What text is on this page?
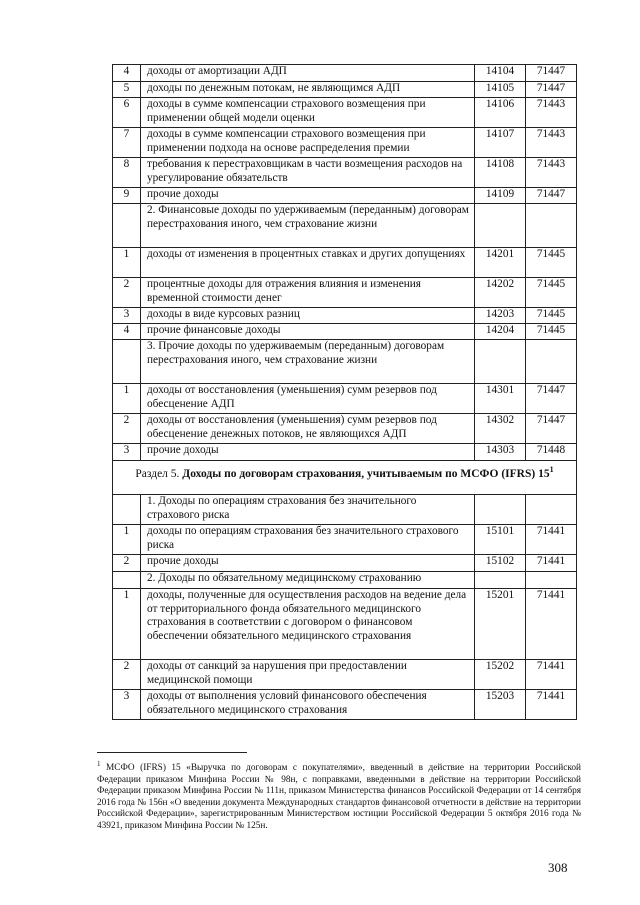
4	доходы от амортизации АДП	14104	71447
5	доходы по денежным потокам, не являющимся АДП	14105	71447
6	доходы в сумме компенсации страхового возмещения при применении общей модели оценки	14106	71443
7	доходы в сумме компенсации страхового возмещения при применении подхода на основе распределения премии	14107	71443
8	требования к перестраховщикам в части возмещения расходов на урегулирование обязательств	14108	71443
9	прочие доходы	14109	71447
	2. Финансовые доходы по удерживаемым (переданным) договорам перестрахования иного, чем страхование жизни		
1	доходы от изменения в процентных ставках и других допущениях	14201	71445
2	процентные доходы для отражения влияния и изменения временной стоимости денег	14202	71445
3	доходы в виде курсовых разниц	14203	71445
4	прочие финансовые доходы	14204	71445
	3. Прочие доходы по удерживаемым (переданным) договорам перестрахования иного, чем страхование жизни		
1	доходы от восстановления (уменьшения) сумм резервов под обесценение АДП	14301	71447
2	доходы от восстановления (уменьшения) сумм резервов под обесценение денежных потоков, не являющихся АДП	14302	71447
3	прочие доходы	14303	71448
Раздел 5. Доходы по договорам страхования, учитываемым по МСФО (IFRS) $15^1$
	1. Доходы по операциям страхования без значительного страхового риска		
1	доходы по операциям страхования без значительного страхового риска	15101	71441
2	прочие доходы	15102	71441
	2. Доходы по обязательному медицинскому страхованию		
1	доходы, полученные для осуществления расходов на ведение дела от территориального фонда обязательного медицинского страхования в соответствии с договором о финансовом обеспечении обязательного медицинского страхования	15201	71441
2	доходы от санкций за нарушения при предоставлении медицинской помощи	15202	71441
3	доходы от выполнения условий финансового обеспечения обязательного медицинского страхования	15203	71441
$^1$ МСФО (IFRS) 15 «Выручка по договорам с покупателями», введенный в действие на территории Российской Федерации приказом Минфина России № 98н, с поправками, введенными в действие на территории Российской Федерации приказом Минфина России № 111н, приказом Министерства финансов Российской Федерации от 14 сентября 2016 года № 156н «О введении документа Международных стандартов финансовой отчетности в действие на территории Российской Федерации», зарегистрированным Министерством юстиции Российской Федерации 5 октября 2016 года № 43921, приказом Минфина России № 125н.
308
